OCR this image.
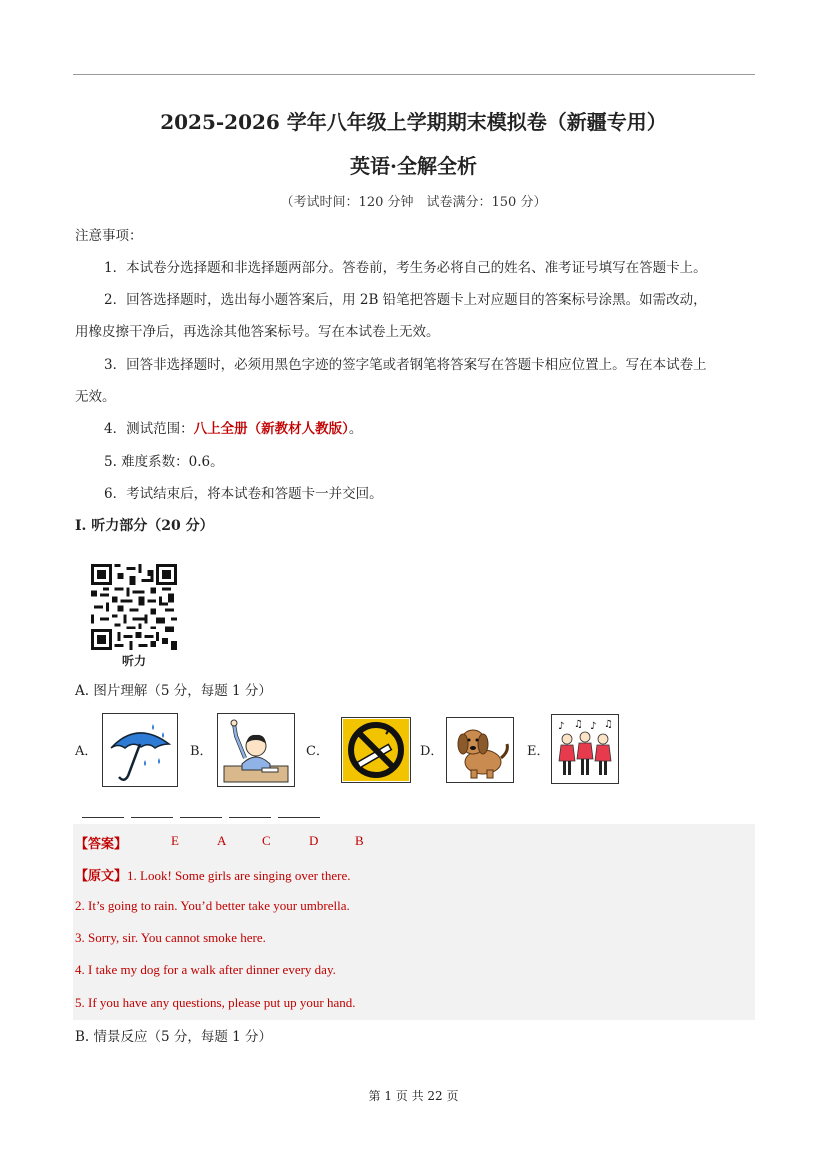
2025-2026 学年八年级上学期期末模拟卷（新疆专用）
英语·全解全析
（考试时间：120 分钟　试卷满分：150 分）
注意事项：
1．本试卷分选择题和非选择题两部分。答卷前，考生务必将自己的姓名、准考证号填写在答题卡上。
2．回答选择题时，选出每小题答案后，用 2B 铅笔把答题卡上对应题目的答案标号涂黑。如需改动，
用橡皮擦干净后，再选涂其他答案标号。写在本试卷上无效。
3．回答非选择题时，必须用黑色字迹的签字笔或者钢笔将答案写在答题卡相应位置上。写在本试卷上
无效。
4．测试范围：八上全册（新教材人教版）。
5. 难度系数：0.6。
6．考试结束后，将本试卷和答题卡一并交回。
I. 听力部分（20 分）
听力
A. 图片理解（5 分，每题 1 分）
A．	B．	C．	D．	E．
♪ ♫ ♪ ♫
【答案】	E	A	C	D	B
【原文】1. Look! Some girls are singing over there.
2. It’s going to rain. You’d better take your umbrella.
3. Sorry, sir. You cannot smoke here.
4. I take my dog for a walk after dinner every day.
5. If you have any questions, please put up your hand.
B. 情景反应（5 分，每题 1 分）
第 1 页 共 22 页
